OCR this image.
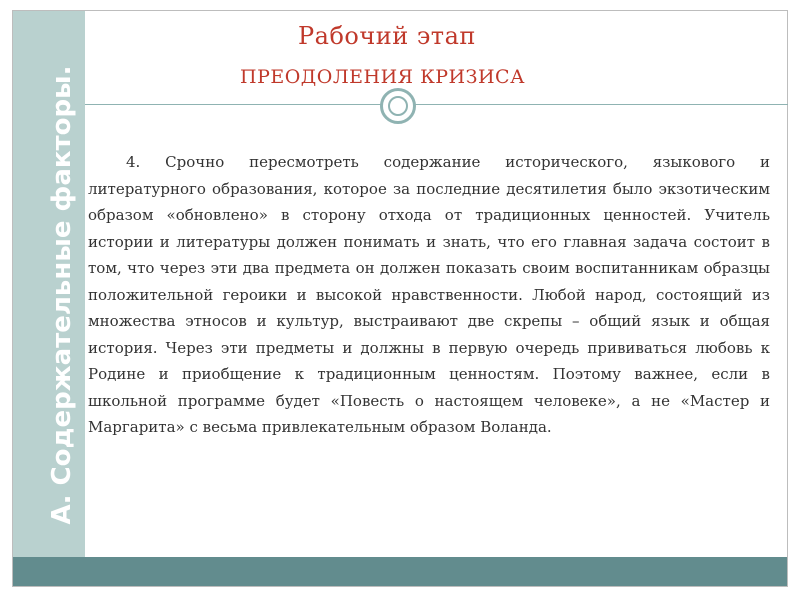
А. Содержательные факторы.
Рабочий этап
ПРЕОДОЛЕНИЯ КРИЗИСА
4. Срочно пересмотреть содержание исторического, языкового и литературного образования, которое за последние десятилетия было экзотическим образом «обновлено» в сторону отхода от традиционных ценностей. Учитель истории и литературы должен понимать и знать, что его главная задача состоит в том, что через эти два предмета он должен показать своим воспитанникам образцы положительной героики и высокой нравственности. Любой народ, состоящий из множества этносов и культур, выстраивают две скрепы – общий язык и общая история. Через эти предметы и должны в первую очередь прививаться любовь к Родине и приобщение к традиционным ценностям. Поэтому важнее, если в школьной программе будет «Повесть о настоящем человеке», а не «Мастер и Маргарита» с весьма привлекательным образом Воланда.
